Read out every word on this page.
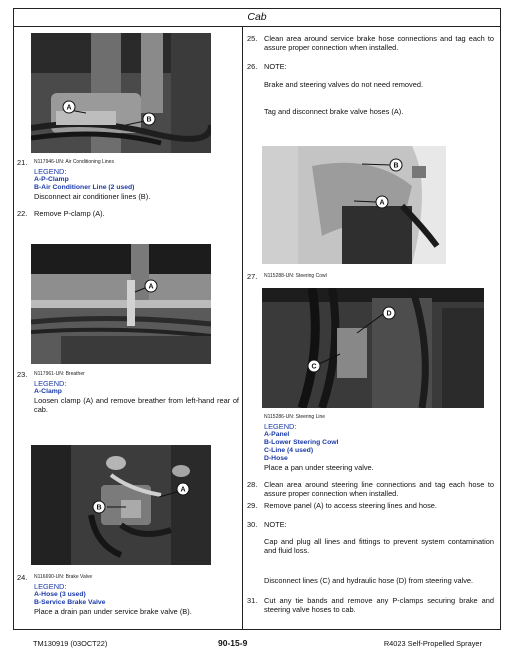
Cab
A
B
21. N117946-UN: Air Conditioning Lines
LEGEND:
A-P-Clamp
B-Air Conditioner Line (2 used)
Disconnect air conditioner lines (B).
22. Remove P-clamp (A).
A
23. N117961-UN: Breather
LEGEND:
A-Clamp
Loosen clamp (A) and remove breather from left-hand rear of cab.
B
A
24. N116690-UN: Brake Valve
LEGEND:
A-Hose (3 used)
B-Service Brake Valve
Place a drain pan under service brake valve (B).
25. Clean area around service brake hose connections and tag each to assure proper connection when installed.
26. NOTE:
Brake and steering valves do not need removed.
Tag and disconnect brake valve hoses (A).
B
A
27. N115288-UN: Steering Cowl
D
C
N115286-UN: Steering Line
LEGEND:
A-Panel
B-Lower Steering Cowl
C-Line (4 used)
D-Hose
Place a pan under steering valve.
28. Clean area around steering line connections and tag each hose to assure proper connection when installed.
29. Remove panel (A) to access steering lines and hose.
30. NOTE:
Cap and plug all lines and fittings to prevent system contamination and fluid loss.
Disconnect lines (C) and hydraulic hose (D) from steering valve.
31. Cut any tie bands and remove any P-clamps securing brake and steering valve hoses to cab.
TM130919 (03OCT22)	90-15-9	R4023 Self-Propelled Sprayer
